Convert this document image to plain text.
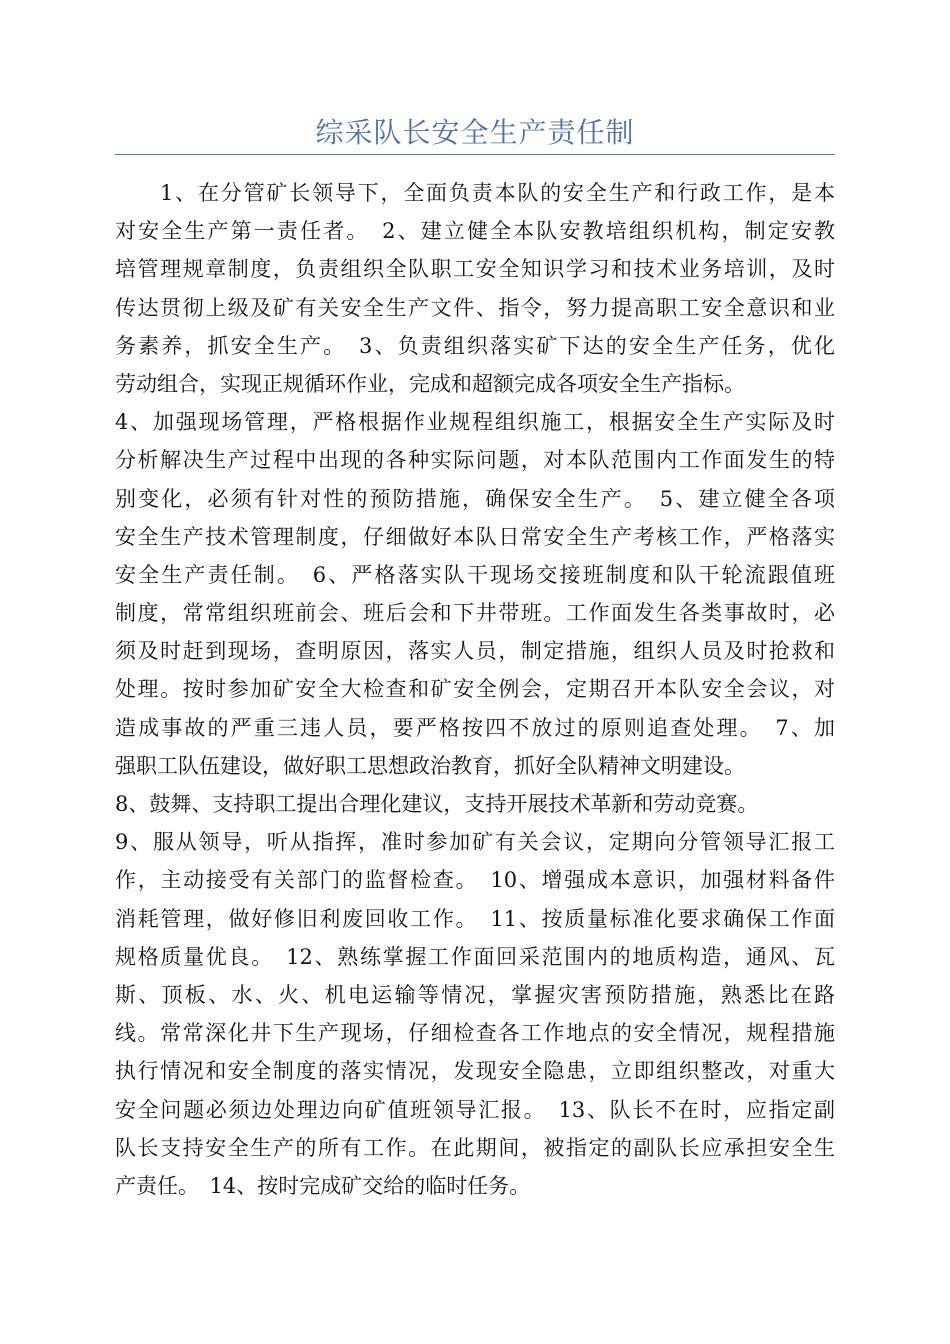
综采队长安全生产责任制
1、在分管矿长领导下，全面负责本队的安全生产和行政工作，是本
对安全生产第一责任者。　2、建立健全本队安教培组织机构，制定安教
培管理规章制度，负责组织全队职工安全知识学习和技术业务培训，及时
传达贯彻上级及矿有关安全生产文件、指令，努力提高职工安全意识和业
务素养，抓安全生产。　3、负责组织落实矿下达的安全生产任务，优化
劳动组合，实现正规循环作业，完成和超额完成各项安全生产指标。
4、加强现场管理，严格根据作业规程组织施工，根据安全生产实际及时
分析解决生产过程中出现的各种实际问题，对本队范围内工作面发生的特
别变化，必须有针对性的预防措施，确保安全生产。　5、建立健全各项
安全生产技术管理制度，仔细做好本队日常安全生产考核工作，严格落实
安全生产责任制。　6、严格落实队干现场交接班制度和队干轮流跟值班
制度，常常组织班前会、班后会和下井带班。工作面发生各类事故时，必
须及时赶到现场，查明原因，落实人员，制定措施，组织人员及时抢救和
处理。按时参加矿安全大检查和矿安全例会，定期召开本队安全会议，对
造成事故的严重三违人员，要严格按四不放过的原则追查处理。　7、加
强职工队伍建设，做好职工思想政治教育，抓好全队精神文明建设。
8、鼓舞、支持职工提出合理化建议，支持开展技术革新和劳动竞赛。
9、服从领导，听从指挥，准时参加矿有关会议，定期向分管领导汇报工
作，主动接受有关部门的监督检查。　10、增强成本意识，加强材料备件
消耗管理，做好修旧利废回收工作。　11、按质量标准化要求确保工作面
规格质量优良。　12、熟练掌握工作面回采范围内的地质构造，通风、瓦
斯、顶板、水、火、机电运输等情况，掌握灾害预防措施，熟悉比在路
线。常常深化井下生产现场，仔细检查各工作地点的安全情况，规程措施
执行情况和安全制度的落实情况，发现安全隐患，立即组织整改，对重大
安全问题必须边处理边向矿值班领导汇报。　13、队长不在时，应指定副
队长支持安全生产的所有工作。在此期间，被指定的副队长应承担安全生
产责任。　14、按时完成矿交给的临时任务。
